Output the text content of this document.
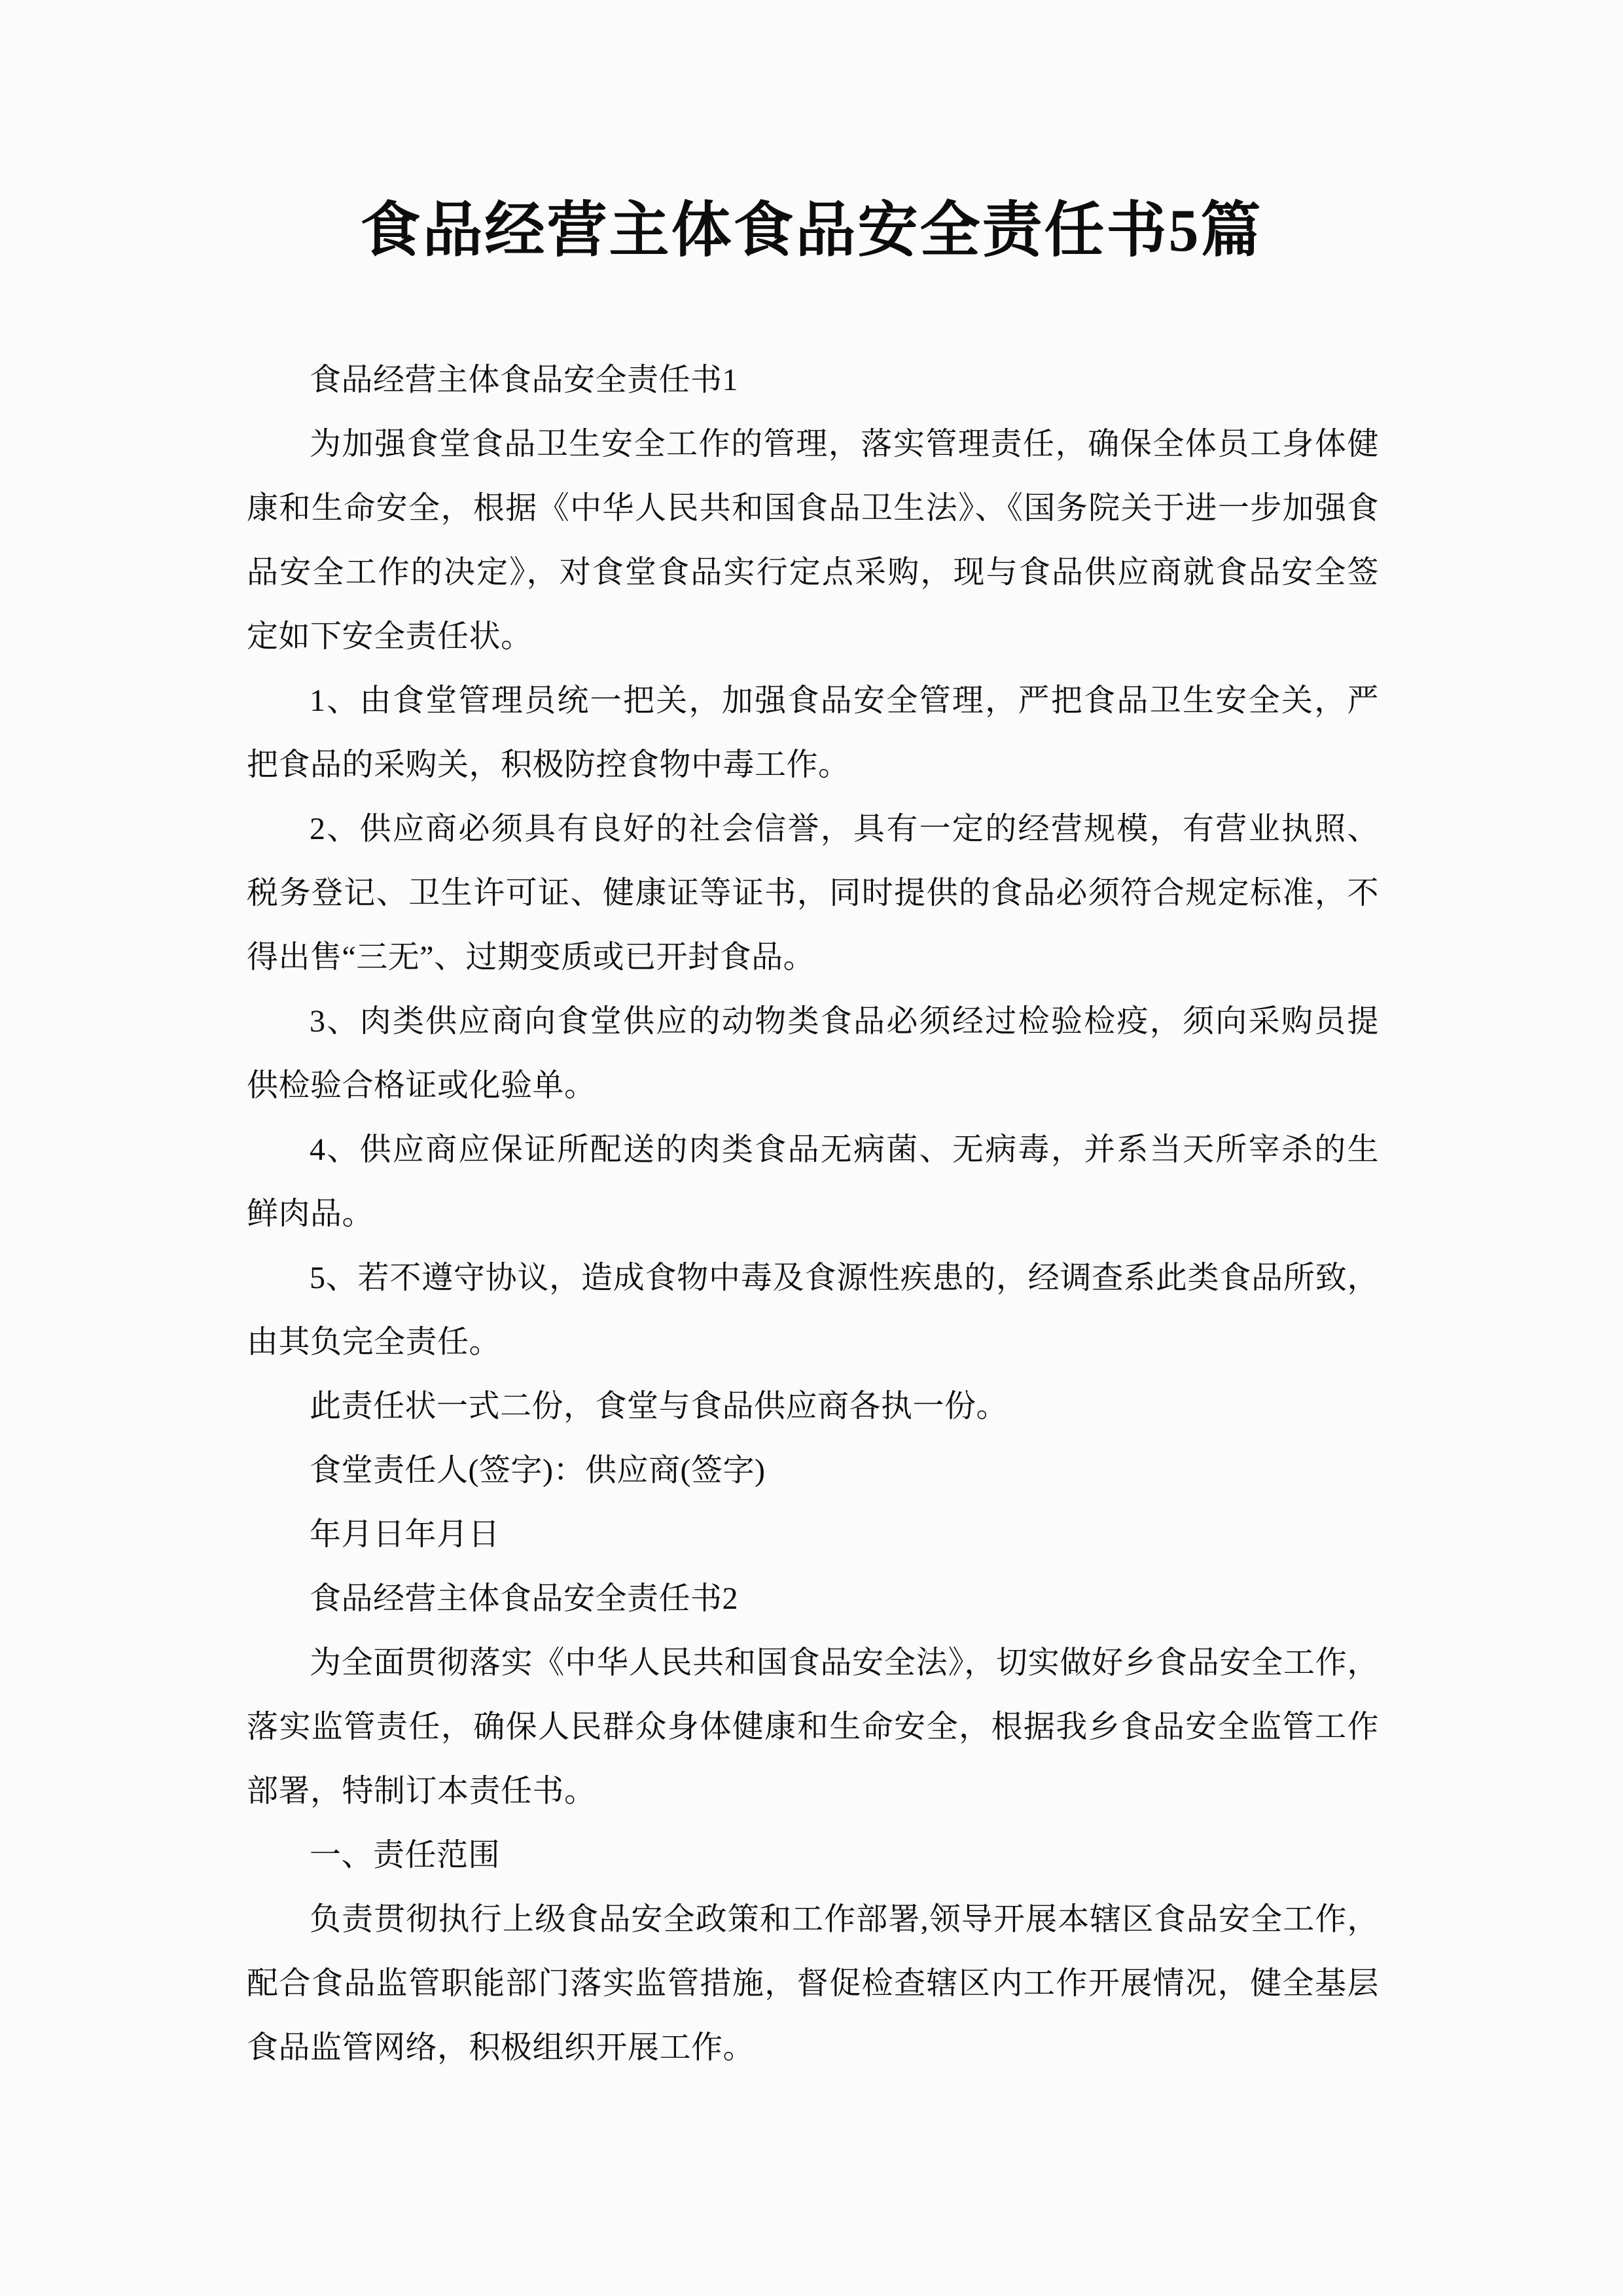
食品经营主体食品安全责任书5篇
食品经营主体食品安全责任书1
为加强食堂食品卫生安全工作的管理，落实管理责任，确保全体员工身体健
康和生命安全，根据《中华人民共和国食品卫生法》、《国务院关于进一步加强食
品安全工作的决定》，对食堂食品实行定点采购，现与食品供应商就食品安全签
定如下安全责任状。
1、由食堂管理员统一把关，加强食品安全管理，严把食品卫生安全关，严
把食品的采购关，积极防控食物中毒工作。
2、供应商必须具有良好的社会信誉，具有一定的经营规模，有营业执照、
税务登记、卫生许可证、健康证等证书，同时提供的食品必须符合规定标准，不
得出售“三无”、过期变质或已开封食品。
3、肉类供应商向食堂供应的动物类食品必须经过检验检疫，须向采购员提
供检验合格证或化验单。
4、供应商应保证所配送的肉类食品无病菌、无病毒，并系当天所宰杀的生
鲜肉品。
5、若不遵守协议，造成食物中毒及食源性疾患的，经调查系此类食品所致，
由其负完全责任。
此责任状一式二份，食堂与食品供应商各执一份。
食堂责任人(签字)：供应商(签字)
年月日年月日
食品经营主体食品安全责任书2
为全面贯彻落实《中华人民共和国食品安全法》，切实做好乡食品安全工作，
落实监管责任，确保人民群众身体健康和生命安全，根据我乡食品安全监管工作
部署，特制订本责任书。
一、责任范围
负责贯彻执行上级食品安全政策和工作部署,领导开展本辖区食品安全工作，
配合食品监管职能部门落实监管措施，督促检查辖区内工作开展情况，健全基层
食品监管网络，积极组织开展工作。
